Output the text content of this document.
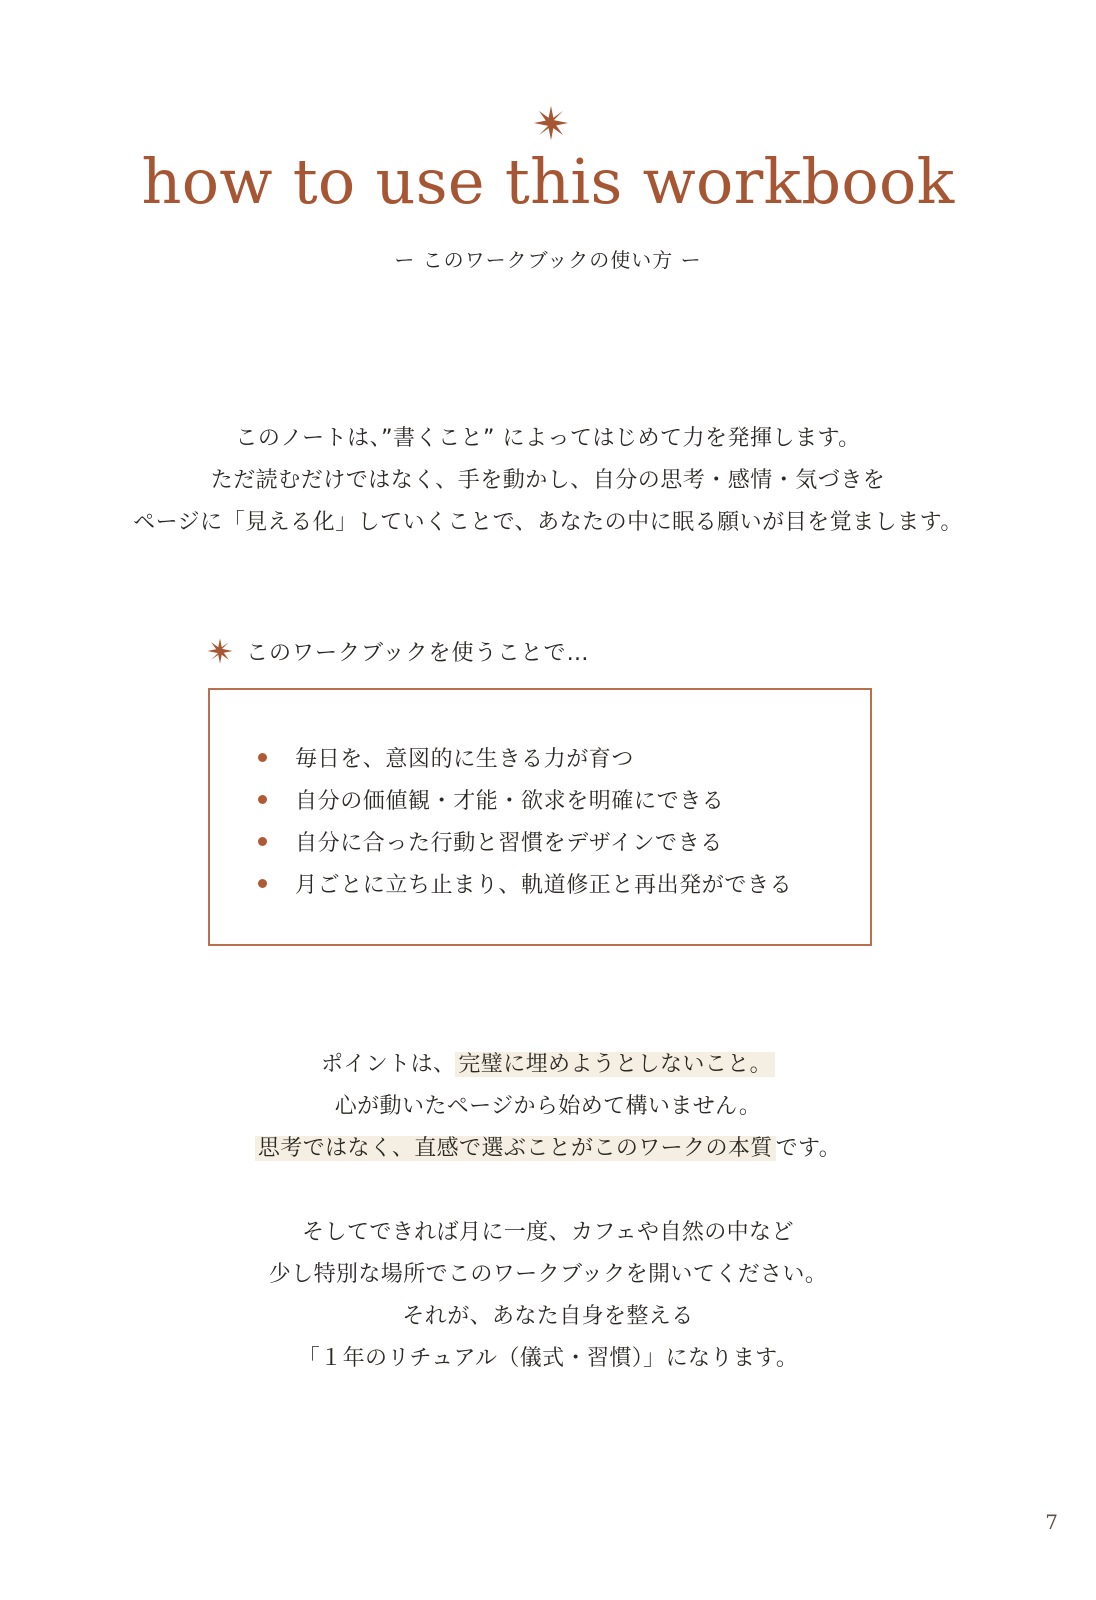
how to use this workbook
ー このワークブックの使い方 ー

このノートは、”書くこと” によってはじめて力を発揮します。

ただ読むだけではなく、手を動かし、自分の思考・感情・気づきを

ページに「見える化」していくことで、あなたの中に眠る願いが目を覚まします。

このワークブックを使うことで…
毎日を、意図的に生きる力が育つ
自分の価値観・才能・欲求を明確にできる
自分に合った行動と習慣をデザインできる
月ごとに立ち止まり、軌道修正と再出発ができる

ポイントは、 完璧に埋めようとしないこと。

心が動いたページから始めて構いません。

思考ではなく、直感で選ぶことがこのワークの本質 です。

そしてできれば月に一度、カフェや自然の中など

少し特別な場所でこのワークブックを開いてください。

それが、あなた自身を整える

「１年のリチュアル（儀式・習慣）」になります。

7
